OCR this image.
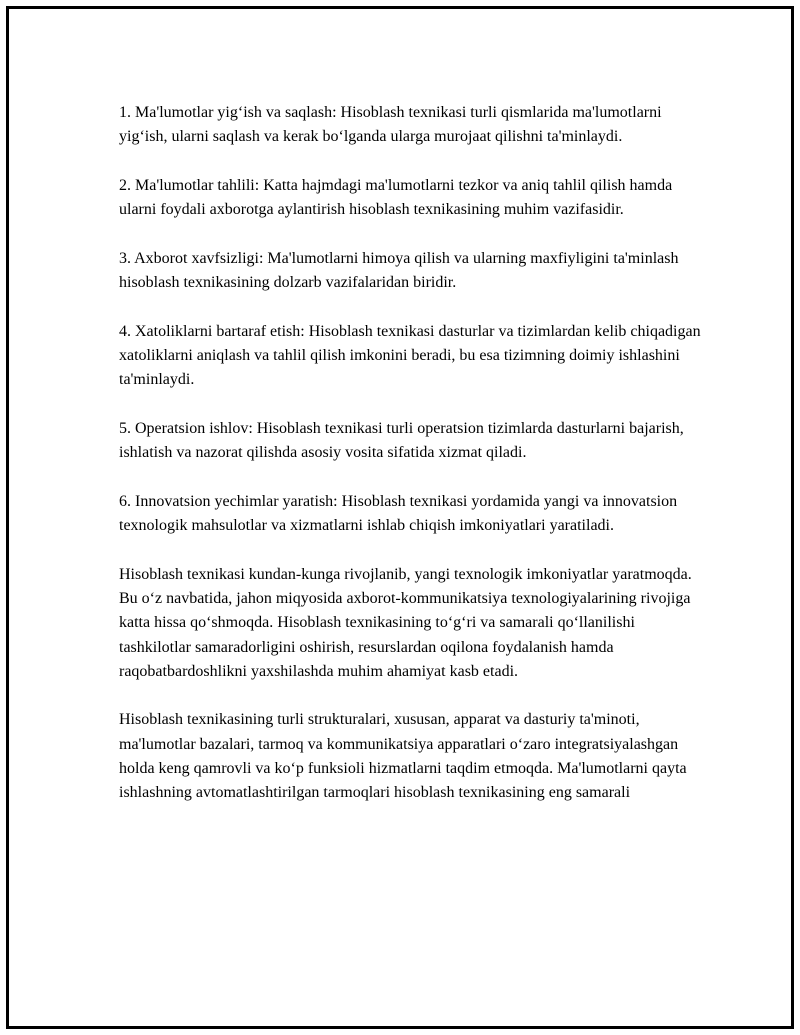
1. Ma'lumotlar yig‘ish va saqlash: Hisoblash texnikasi turli qismlarida ma'lumotlarni yig‘ish, ularni saqlash va kerak bo‘lganda ularga murojaat qilishni ta'minlaydi.

2. Ma'lumotlar tahlili: Katta hajmdagi ma'lumotlarni tezkor va aniq tahlil qilish hamda ularni foydali axborotga aylantirish hisoblash texnikasining muhim vazifasidir.

3. Axborot xavfsizligi: Ma'lumotlarni himoya qilish va ularning maxfiyligini ta'minlash hisoblash texnikasining dolzarb vazifalaridan biridir.

4. Xatoliklarni bartaraf etish: Hisoblash texnikasi dasturlar va tizimlardan kelib chiqadigan xatoliklarni aniqlash va tahlil qilish imkonini beradi, bu esa tizimning doimiy ishlashini ta'minlaydi.

5. Operatsion ishlov: Hisoblash texnikasi turli operatsion tizimlarda dasturlarni bajarish, ishlatish va nazorat qilishda asosiy vosita sifatida xizmat qiladi.

6. Innovatsion yechimlar yaratish: Hisoblash texnikasi yordamida yangi va innovatsion texnologik mahsulotlar va xizmatlarni ishlab chiqish imkoniyatlari yaratiladi.

Hisoblash texnikasi kundan-kunga rivojlanib, yangi texnologik imkoniyatlar yaratmoqda. Bu o‘z navbatida, jahon miqyosida axborot-kommunikatsiya texnologiyalarining rivojiga katta hissa qo‘shmoqda. Hisoblash texnikasining to‘g‘ri va samarali qo‘llanilishi tashkilotlar samaradorligini oshirish, resurslardan oqilona foydalanish hamda raqobatbardoshlikni yaxshilashda muhim ahamiyat kasb etadi.

Hisoblash texnikasining turli strukturalari, xususan, apparat va dasturiy ta'minoti, ma'lumotlar bazalari, tarmoq va kommunikatsiya apparatlari o‘zaro integratsiyalashgan holda keng qamrovli va ko‘p funksioli hizmatlarni taqdim etmoqda. Ma'lumotlarni qayta ishlashning avtomatlashtirilgan tarmoqlari hisoblash texnikasining eng samarali
